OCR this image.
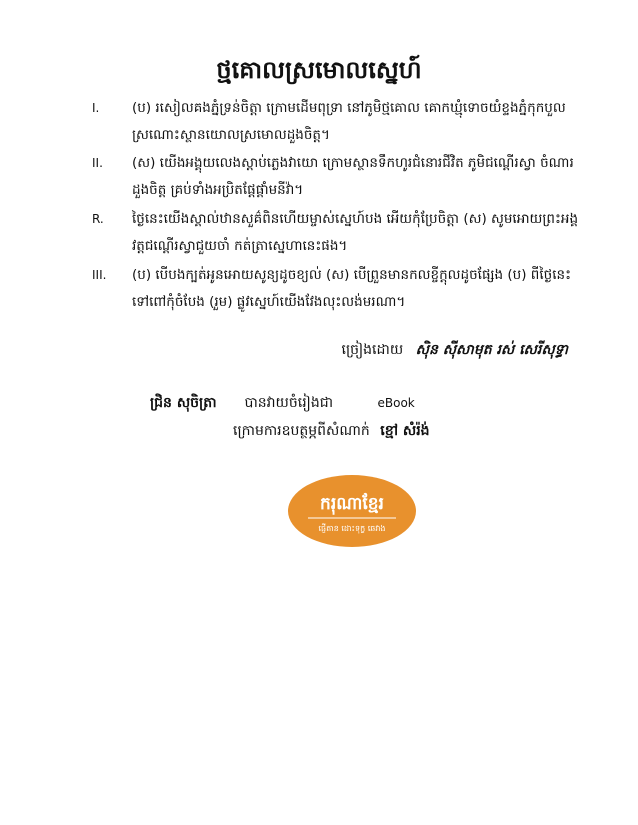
ថ្មគោលស្រមោលស្នេហ៍
I.	(ប) រសៀលគងភ្នំទ្រន់ចិត្ដា ក្រោមដើមពុទ្រា នៅភូមិថ្មគោល គោកឃ្មុំទោចយំខ្ទងភ្នំកុកបួល
ស្រណោះស្ថានយោលស្រមោលដួងចិត្ដ។
II.	(ស) យើងអង្គុយលេងស្ដាប់ភ្លេងវាយោ ក្រោមស្ថានទឹកហូរជំនោរជីវិត ភូមិជណ្ដើរស្វា ចំណារ
ដួងចិត្ដ គ្រប់ទាំងអប្រិតផ្ដែផ្ដាំមនីវ៉ា។
R.	ថ្ងៃនេះយើងស្គាល់ឋានសួគ៌ពិនហើយម្ចាស់ស្នេហ៍បង អើយកុំប្រែចិត្ដា (ស) សូមអោយព្រះអង្គ
វត្ដជណ្ដើរស្វាជួយចាំ កត់ត្រាស្នេហានេះផង។
III.	(ប) បើបងក្បត់អូនអោយសូន្យដូចខ្យល់ (ស) បើព្រួនមានកលខ្ចីក្ដុលដូចផ្សែង (ប) ពីថ្ងៃនេះ
ទៅពៅកុំចំបែង (រួម) ផ្លូវស្នេហ៍យើងវែងលុះលង់មរណា។
ច្រៀងដោយ ស៊ិន ស៊ីសាមុត រស់ សេរីសុទ្ធា
ជ្រិន សុចិត្រា បានវាយចំរៀងជា	eBook
ក្រោមការឧបត្ថម្ភពីសំណាក់ ខ្មៅ សំរ៉ង់
ករុណាខ្មែរ
ផ្ញើតាន ដោះទុក្ខ ឆេវាង
